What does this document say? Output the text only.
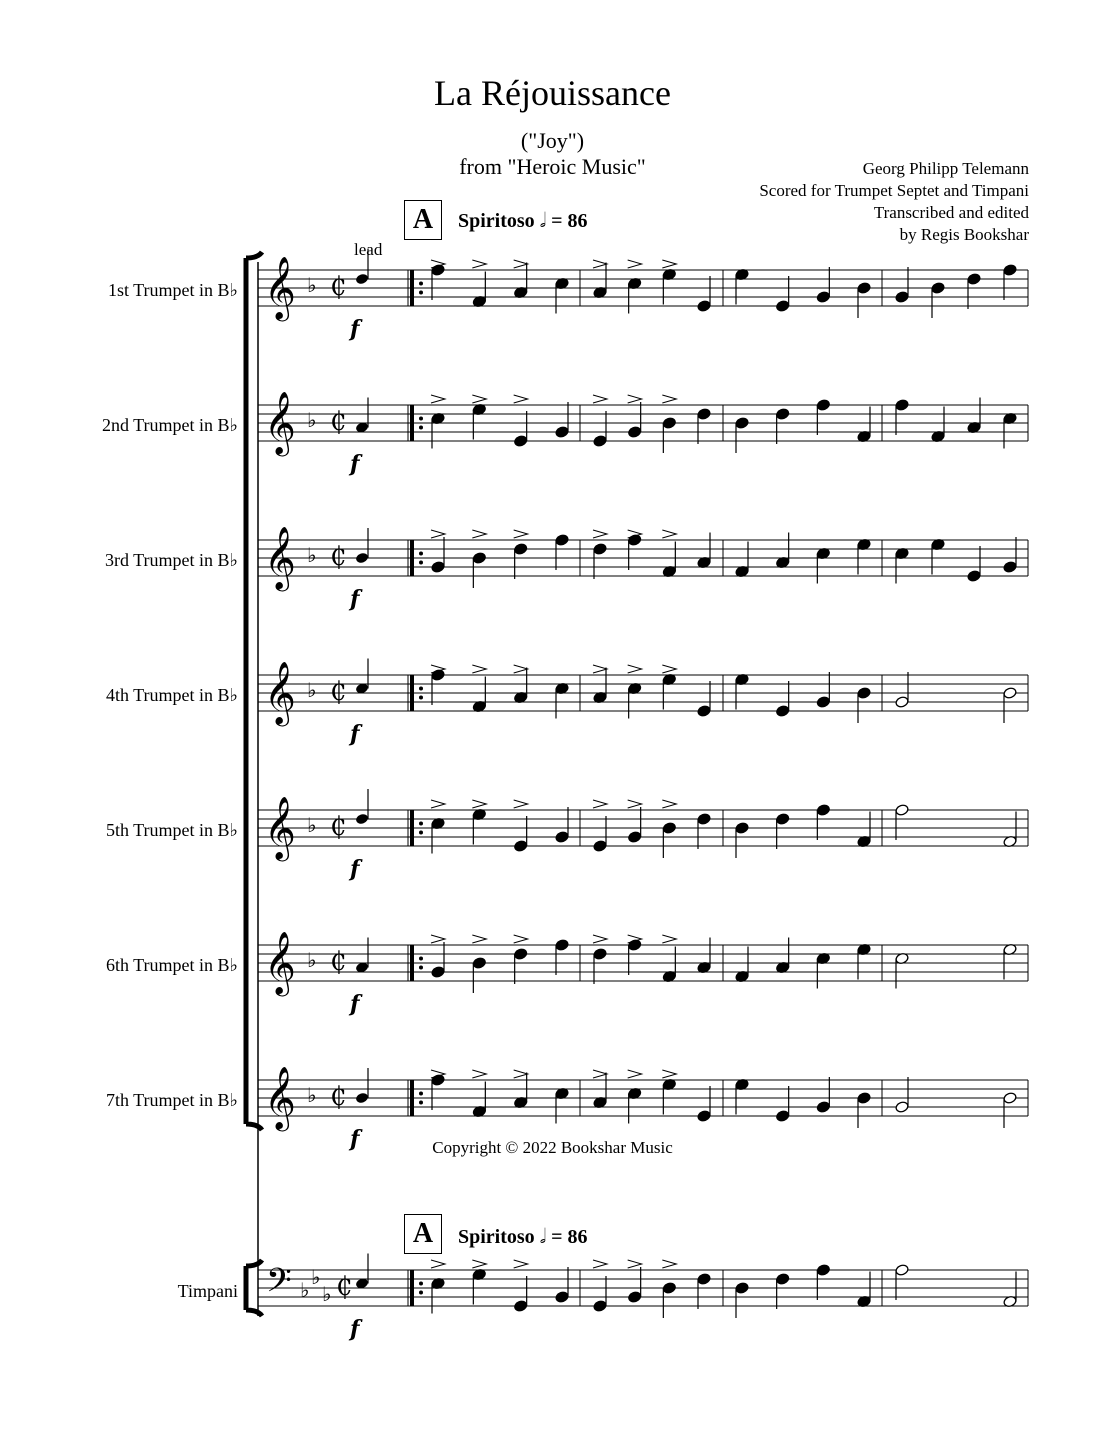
La Réjouissance
("Joy")
from "Heroic Music"	Georg Philipp Telemann
Scored for Trumpet Septet and Timpani
Transcribed and edited
by Regis Bookshar
A	Spiritoso 𝅗𝅥 = 86
lead
A	Spiritoso 𝅗𝅥 = 86
1st Trumpet in B♭
2nd Trumpet in B♭
3rd Trumpet in B♭
4th Trumpet in B♭
5th Trumpet in B♭
6th Trumpet in B♭
7th Trumpet in B♭
Timpani
𝄞 ♭ ₵
f
𝄞 ♭ ₵
f
𝄞 ♭ ₵
f
𝄞 ♭ ₵
f
𝄞 ♭ ₵
f
𝄞 ♭ ₵
f
𝄞 ♭ ₵
f
𝄢 ♭
♭
♭ ₵
f
Copyright © 2022 Bookshar Music
